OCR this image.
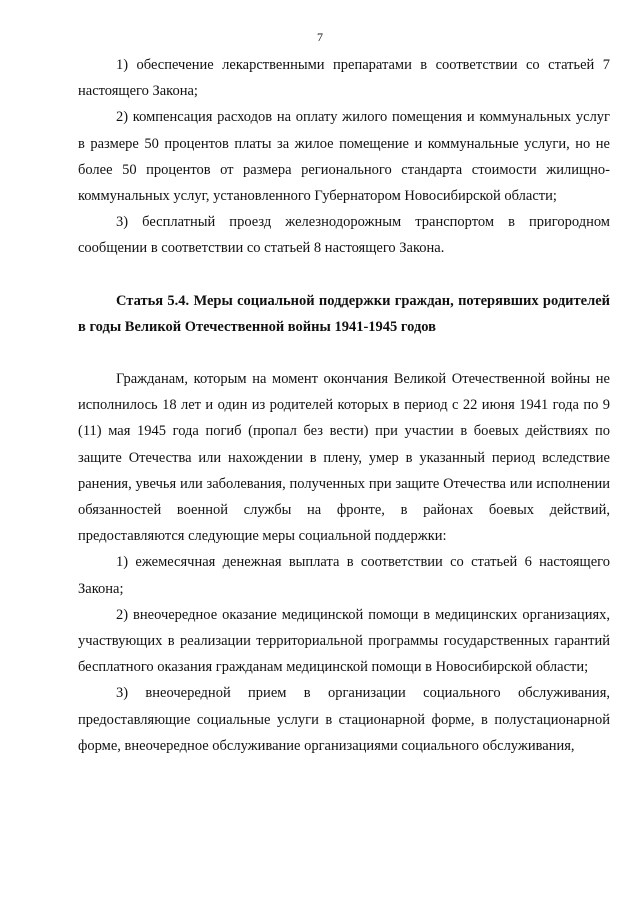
7

1) обеспечение лекарственными препаратами в соответствии со статьей 7 настоящего Закона;

2) компенсация расходов на оплату жилого помещения и коммунальных услуг в размере 50 процентов платы за жилое помещение и коммунальные услуги, но не более 50 процентов от размера регионального стандарта стоимости жилищно-коммунальных услуг, установленного Губернатором Новосибирской области;

3) бесплатный проезд железнодорожным транспортом в пригородном сообщении в соответствии со статьей 8 настоящего Закона.

Статья 5.4. Меры социальной поддержки граждан, потерявших родителей в годы Великой Отечественной войны 1941-1945 годов

Гражданам, которым на момент окончания Великой Отечественной войны не исполнилось 18 лет и один из родителей которых в период с 22 июня 1941 года по 9 (11) мая 1945 года погиб (пропал без вести) при участии в боевых действиях по защите Отечества или нахождении в плену, умер в указанный период вследствие ранения, увечья или заболевания, полученных при защите Отечества или исполнении обязанностей военной службы на фронте, в районах боевых действий, предоставляются следующие меры социальной поддержки:

1) ежемесячная денежная выплата в соответствии со статьей 6 настоящего Закона;

2) внеочередное оказание медицинской помощи в медицинских организациях, участвующих в реализации территориальной программы государственных гарантий бесплатного оказания гражданам медицинской помощи в Новосибирской области;

3) внеочередной прием в организации социального обслуживания, предоставляющие социальные услуги в стационарной форме, в полустационарной форме, внеочередное обслуживание организациями социального обслуживания,
